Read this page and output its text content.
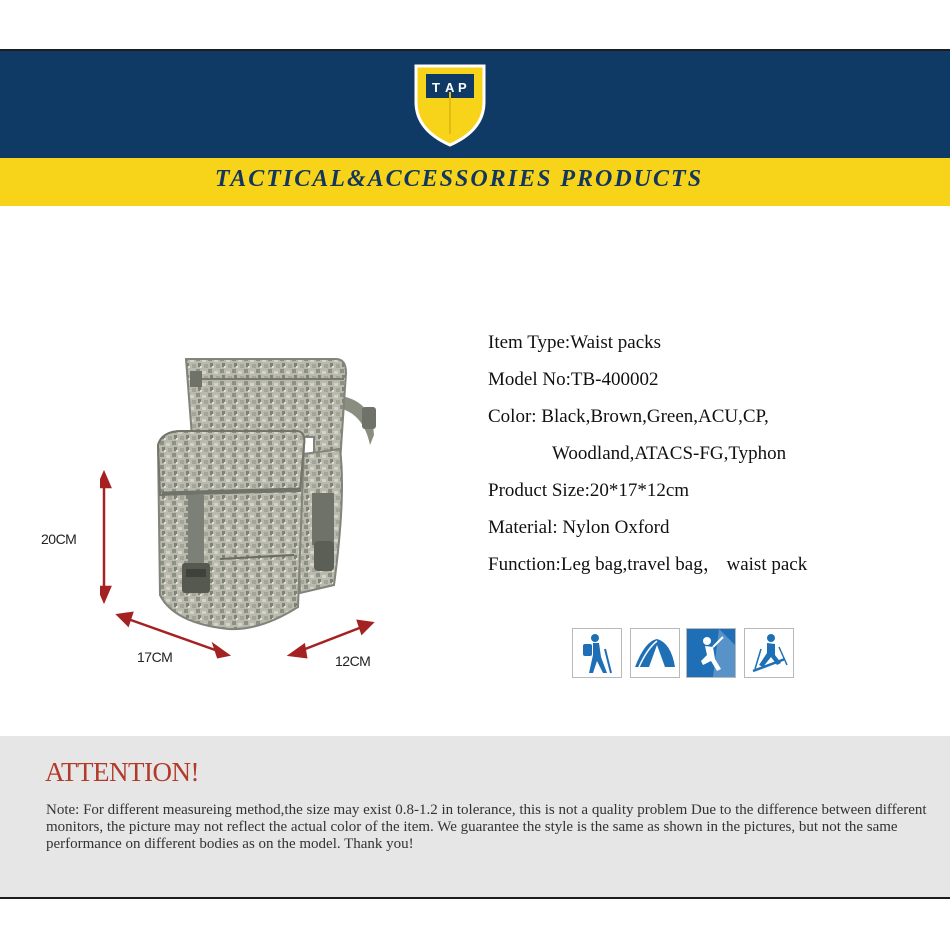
T A P
TACTICAL&ACCESSORIES PRODUCTS
20CM
17CM	12CM
Item Type:Waist packs
Model No:TB-400002
Color: Black,Brown,Green,ACU,CP,
Woodland,ATACS-FG,Typhon
Product Size:20*17*12cm
Material: Nylon Oxford
Function:Leg bag,travel bag， waist pack
ATTENTION!
Note: For different measureing method,the size may exist 0.8-1.2 in tolerance, this is not a quality problem Due to the difference between different monitors, the picture may not reflect the actual color of the item. We guarantee the style is the same as shown in the pictures, but not the same performance on different bodies as on the model. Thank you!
